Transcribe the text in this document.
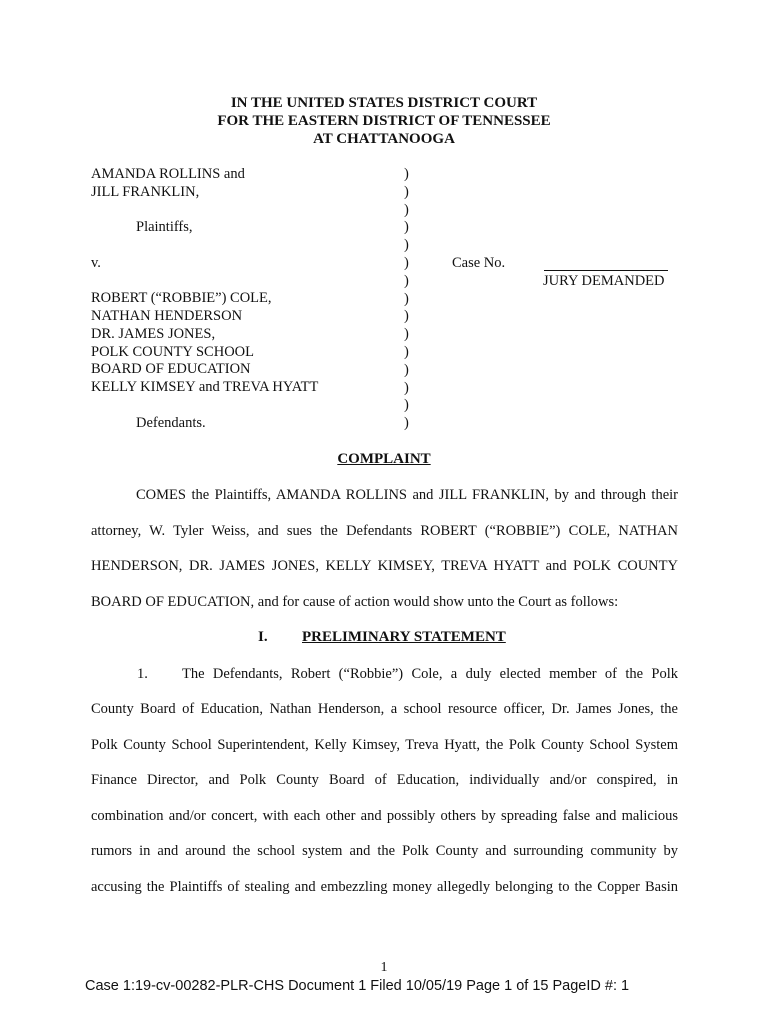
IN THE UNITED STATES DISTRICT COURT
FOR THE EASTERN DISTRICT OF TENNESSEE
AT CHATTANOOGA
AMANDA ROLLINS and
JILL FRANKLIN,
Plaintiffs,
v.
ROBERT (“ROBBIE”) COLE,
NATHAN HENDERSON
DR. JAMES JONES,
POLK COUNTY SCHOOL
BOARD OF EDUCATION
KELLY KIMSEY and TREVA HYATT
Defendants.
)
)
)
)
)
)
)
)
)
)
)
)
)
)
)
Case No.
JURY DEMANDED
COMPLAINT
COMES the Plaintiffs, AMANDA ROLLINS and JILL FRANKLIN, by and through their
attorney, W. Tyler Weiss, and sues the Defendants ROBERT (“ROBBIE”) COLE, NATHAN
HENDERSON, DR. JAMES JONES, KELLY KIMSEY, TREVA HYATT and POLK COUNTY
BOARD OF EDUCATION, and for cause of action would show unto the Court as follows:
I. PRELIMINARY STATEMENT
1. The Defendants, Robert (“Robbie”) Cole, a duly elected member of the Polk
County Board of Education, Nathan Henderson, a school resource officer, Dr. James Jones, the
Polk County School Superintendent, Kelly Kimsey, Treva Hyatt, the Polk County School System
Finance Director, and Polk County Board of Education, individually and/or conspired, in
combination and/or concert, with each other and possibly others by spreading false and malicious
rumors in and around the school system and the Polk County and surrounding community by
accusing the Plaintiffs of stealing and embezzling money allegedly belonging to the Copper Basin
1
Case 1:19-cv-00282-PLR-CHS Document 1 Filed 10/05/19 Page 1 of 15 PageID #: 1
